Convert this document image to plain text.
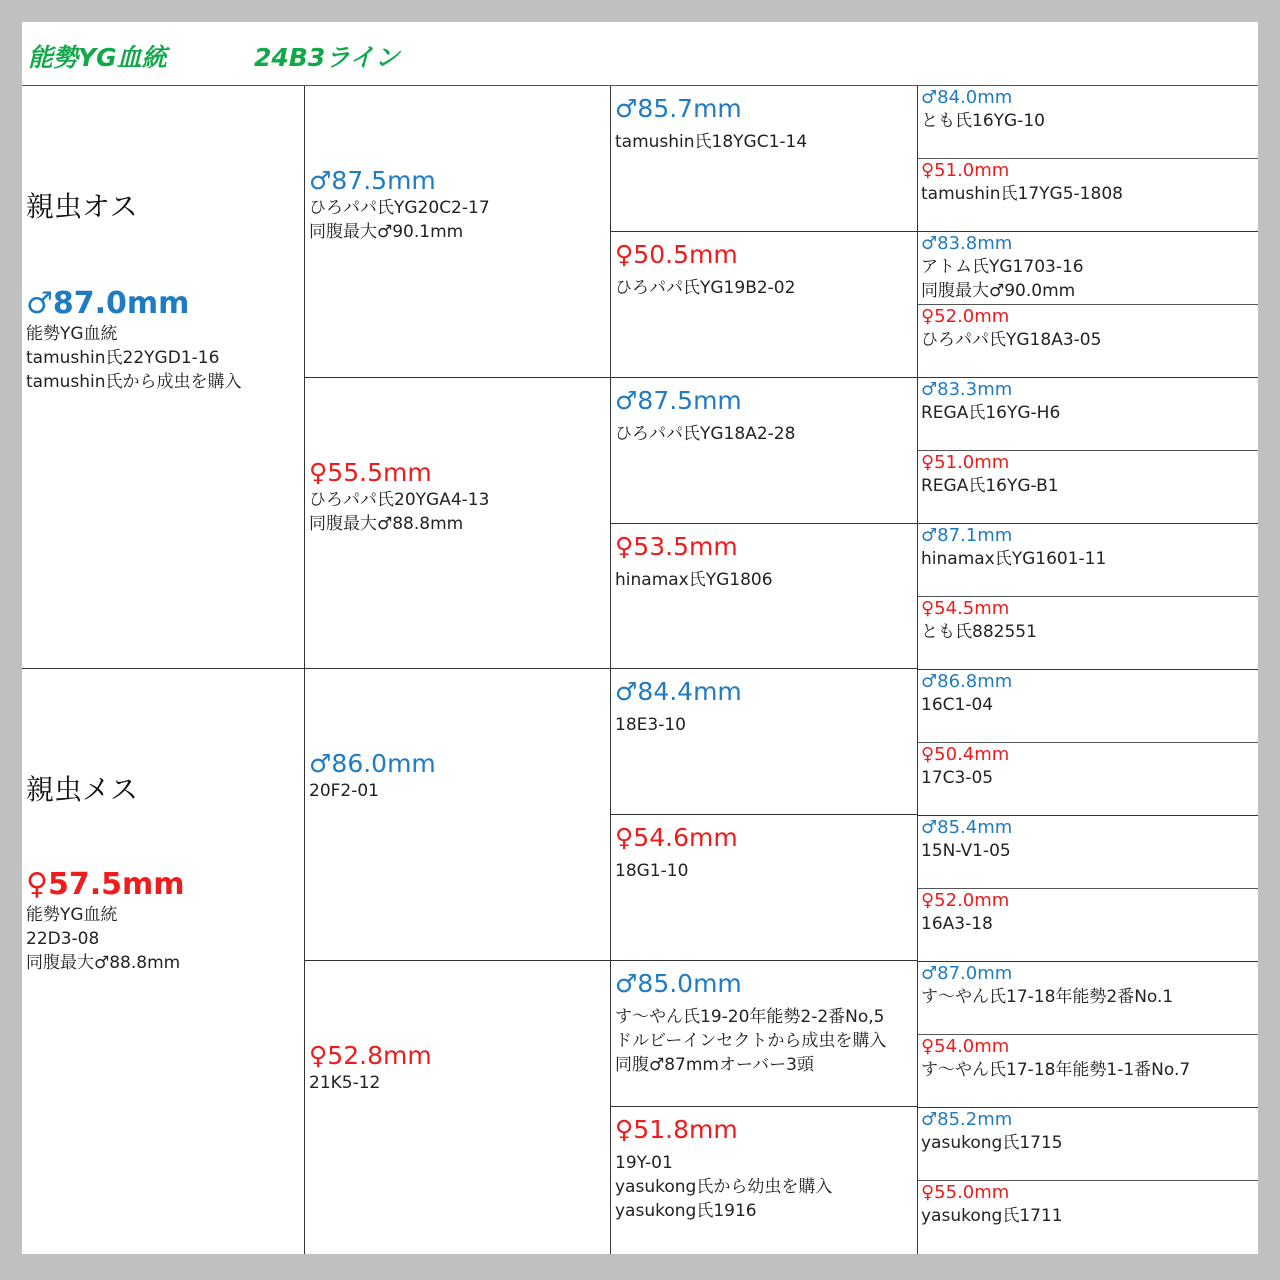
能勢YG血統	24B3ライン
親虫オス
♂87.0mm
能勢YG血統
tamushin氏22YGD1-16
tamushin氏から成虫を購入
親虫メス
♀57.5mm
能勢YG血統
22D3-08
同腹最大♂88.8mm
♂87.5mm
ひろパパ氏YG20C2-17
同腹最大♂90.1mm
♀55.5mm
ひろパパ氏20YGA4-13
同腹最大♂88.8mm
♂86.0mm
20F2-01
♀52.8mm
21K5-12
♂85.7mm
tamushin氏18YGC1-14
♀50.5mm
ひろパパ氏YG19B2-02
♂87.5mm
ひろパパ氏YG18A2-28
♀53.5mm
hinamax氏YG1806
♂84.4mm
18E3-10
♀54.6mm
18G1-10
♂85.0mm
す～やん氏19-20年能勢2-2番No,5
ドルビーインセクトから成虫を購入
同腹♂87mmオーバー3頭
♀51.8mm
19Y-01
yasukong氏から幼虫を購入
yasukong氏1916
♂84.0mm
とも氏16YG-10
♀51.0mm
tamushin氏17YG5-1808
♂83.8mm
アトム氏YG1703-16
同腹最大♂90.0mm
♀52.0mm
ひろパパ氏YG18A3-05
♂83.3mm
REGA氏16YG-H6
♀51.0mm
REGA氏16YG-B1
♂87.1mm
hinamax氏YG1601-11
♀54.5mm
とも氏882551
♂86.8mm
16C1-04
♀50.4mm
17C3-05
♂85.4mm
15N-V1-05
♀52.0mm
16A3-18
♂87.0mm
す～やん氏17-18年能勢2番No.1
♀54.0mm
す～やん氏17-18年能勢1-1番No.7
♂85.2mm
yasukong氏1715
♀55.0mm
yasukong氏1711
